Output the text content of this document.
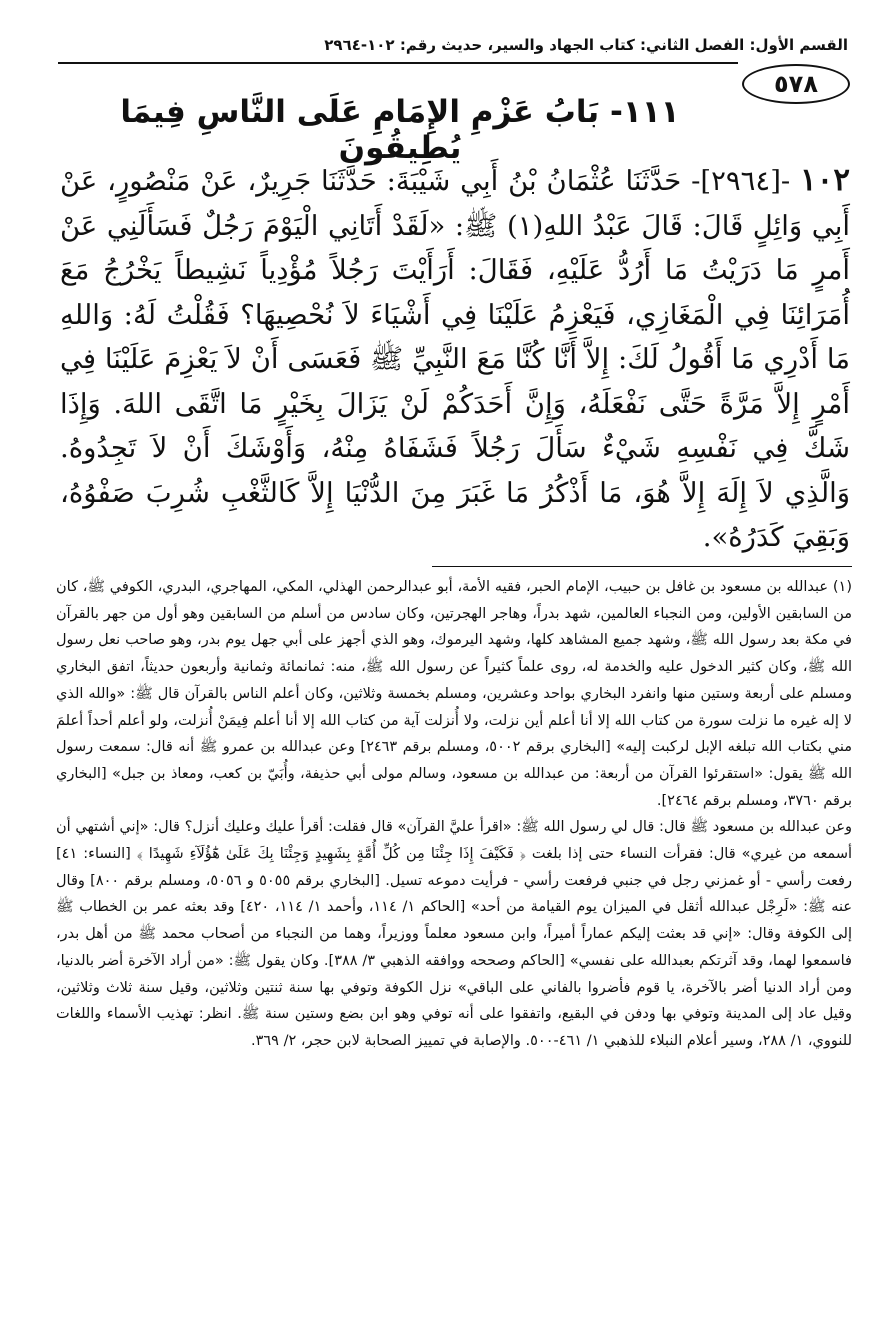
القسم الأول: الفصل الثاني: كتاب الجهاد والسير، حديث رقم: ١٠٢-٢٩٦٤
٥٧٨
١١١- بَابُ عَزْمِ الإِمَامِ عَلَى النَّاسِ فِيمَا يُطِيقُونَ
١٠٢ -[٢٩٦٤]- حَدَّثَنَا عُثْمَانُ بْنُ أَبِي شَيْبَةَ: حَدَّثَنَا جَرِيرٌ، عَنْ مَنْصُورٍ، عَنْ أَبِي وَائِلٍ قَالَ: قَالَ عَبْدُ اللهِ(١) ﷺ: «لَقَدْ أَتَانِي الْيَوْمَ رَجُلٌ فَسَأَلَنِي عَنْ أَمرٍ مَا دَرَيْتُ مَا أَرُدُّ عَلَيْهِ، فَقَالَ: أَرَأَيْتَ رَجُلاً مُؤْدِياً نَشِيطاً يَخْرُجُ مَعَ أُمَرَائِنَا فِي الْمَغَازِي، فَيَعْزِمُ عَلَيْنَا فِي أَشْيَاءَ لاَ نُحْصِيهَا؟ فَقُلْتُ لَهُ: وَاللهِ مَا أَدْرِي مَا أَقُولُ لَكَ: إِلاَّ أَنَّا كُنَّا مَعَ النَّبِيِّ ﷺ فَعَسَى أَنْ لاَ يَعْزِمَ عَلَيْنَا فِي أَمْرٍ إِلاَّ مَرَّةً حَتَّى نَفْعَلَهُ، وَإِنَّ أَحَدَكُمْ لَنْ يَزَالَ بِخَيْرٍ مَا اتَّقَى اللهَ. وَإِذَا شَكَّ فِي نَفْسِهِ شَيْءٌ سَأَلَ رَجُلاً فَشَفَاهُ مِنْهُ، وَأَوْشَكَ أَنْ لاَ تَجِدُوهُ. وَالَّذِي لاَ إِلَهَ إِلاَّ هُوَ، مَا أَذْكُرُ مَا غَبَرَ مِنَ الدُّنْيَا إِلاَّ كَالثَّغْبِ شُرِبَ صَفْوُهُ، وَبَقِيَ كَدَرُهُ».

(١) عبدالله بن مسعود بن غافل بن حبيب، الإمام الحبر، فقيه الأمة، أبو عبدالرحمن الهذلي، المكي، المهاجري، البدري، الكوفي ﷺ، كان من السابقين الأولين، ومن النجباء العالمين، شهد بدراً، وهاجر الهجرتين، وكان سادس من أسلم من السابقين وهو أول من جهر بالقرآن في مكة بعد رسول الله ﷺ، وشهد جميع المشاهد كلها، وشهد اليرموك، وهو الذي أجهز على أبي جهل يوم بدر، وهو صاحب نعل رسول الله ﷺ، وكان كثير الدخول عليه والخدمة له، روى علماً كثيراً عن رسول الله ﷺ، منه: ثمانمائة وثمانية وأربعون حديثاً، اتفق البخاري ومسلم على أربعة وستين منها وانفرد البخاري بواحد وعشرين، ومسلم بخمسة وثلاثين، وكان أعلم الناس بالقرآن قال ﷺ: «والله الذي لا إله غيره ما نزلت سورة من كتاب الله إلا أنا أعلم أين نزلت، ولا أُنزلت آية من كتاب الله إلا أنا أعلم فِيمَنْ أُنزلت، ولو أعلم أحداً أعلمَ مني بكتاب الله تبلغه الإبل لركبت إليه» [البخاري برقم ٥٠٠٢، ومسلم برقم ٢٤٦٣] وعن عبدالله بن عمرو ﷺ أنه قال: سمعت رسول الله ﷺ يقول: «استقرئوا القرآن من أربعة: من عبدالله بن مسعود، وسالم مولى أبي حذيفة، وأُبَيّ بن كعب، ومعاذ بن جبل» [البخاري برقم ٣٧٦٠، ومسلم برقم ٢٤٦٤].

وعن عبدالله بن مسعود ﷺ قال: قال لي رسول الله ﷺ: «اقرأ عليَّ القرآن» قال فقلت: أقرأ عليك وعليك أنزل؟ قال: «إني أشتهي أن أسمعه من غيري» قال: فقرأت النساء حتى إذا بلغت ﴿ فَكَيْفَ إِذَا جِئْنَا مِن كُلِّ أُمَّةٍ بِشَهِيدٍ وَجِئْنَا بِكَ عَلَىٰ هَٰٓؤُلَآءِ شَهِيدًا ﴾ [النساء: ٤١] رفعت رأسي - أو غمزني رجل في جنبي فرفعت رأسي - فرأيت دموعه تسيل. [البخاري برقم ٥٠٥٥ و ٥٠٥٦، ومسلم برقم ٨٠٠] وقال عنه ﷺ: «لَرِجْل عبدالله أثقل في الميزان يوم القيامة من أحد» [الحاكم ١/ ١١٤، وأحمد ١/ ١١٤، ٤٢٠] وقد بعثه عمر بن الخطاب ﷺ إلى الكوفة وقال: «إني قد بعثت إليكم عماراً أميراً، وابن مسعود معلماً ووزيراً، وهما من النجباء من أصحاب محمد ﷺ من أهل بدر، فاسمعوا لهما، وقد آثرتكم بعبدالله على نفسي» [الحاكم وصححه ووافقه الذهبي ٣/ ٣٨٨]. وكان يقول ﷺ: «من أراد الآخرة أضر بالدنيا، ومن أراد الدنيا أضر بالآخرة، يا قوم فأضروا بالفاني على الباقي» نزل الكوفة وتوفي بها سنة ثنتين وثلاثين، وقيل سنة ثلاث وثلاثين، وقيل عاد إلى المدينة وتوفي بها ودفن في البقيع، واتفقوا على أنه توفي وهو ابن بضع وستين سنة ﷺ. انظر: تهذيب الأسماء واللغات للنووي، ١/ ٢٨٨، وسير أعلام النبلاء للذهبي ١/ ٤٦١-٥٠٠. والإصابة في تمييز الصحابة لابن حجر، ٢/ ٣٦٩.
